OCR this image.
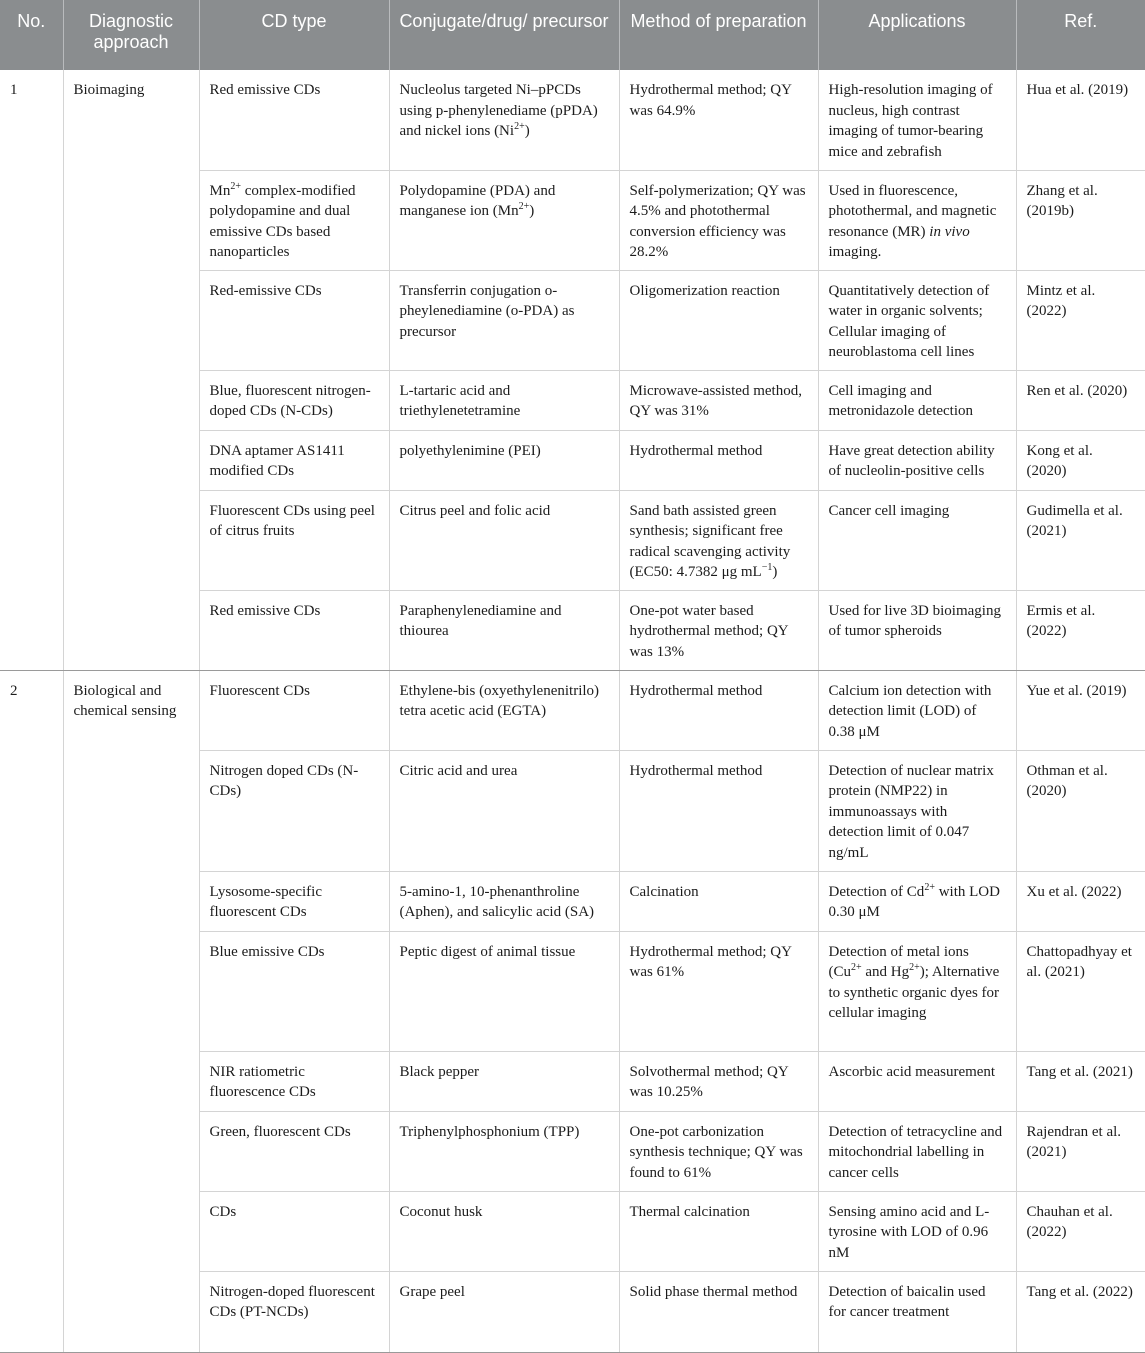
No.	Diagnostic approach	CD type	Conjugate/drug/ precursor	Method of preparation	Applications	Ref.
1	Bioimaging	Red emissive CDs	Nucleolus targeted Ni–pPCDs using p-phenylenediame (pPDA) and nickel ions $(Ni^{2+})$	Hydrothermal method; QY was 64.9%	High-resolution imaging of nucleus, high contrast imaging of tumor-bearing mice and zebrafish	Hua et al. (2019)
		$Mn^{2+}$ complex-modified polydopamine and dual emissive CDs based nanoparticles	Polydopamine (PDA) and manganese ion $(Mn^{2+})$	Self-polymerization; QY was 4.5% and photothermal conversion efficiency was 28.2%	Used in fluorescence, photothermal, and magnetic resonance (MR) in vivo imaging.	Zhang et al. (2019b)
		Red-emissive CDs	Transferrin conjugation o-pheylenediamine (o-PDA) as precursor	Oligomerization reaction	Quantitatively detection of water in organic solvents; Cellular imaging of neuroblastoma cell lines	Mintz et al. (2022)
		Blue, fluorescent nitrogen-doped CDs (N-CDs)	L-tartaric acid and triethylenetetramine	Microwave-assisted method, QY was 31%	Cell imaging and metronidazole detection	Ren et al. (2020)
		DNA aptamer AS1411 modified CDs	polyethylenimine (PEI)	Hydrothermal method	Have great detection ability of nucleolin-positive cells	Kong et al. (2020)
		Fluorescent CDs using peel of citrus fruits	Citrus peel and folic acid	Sand bath assisted green synthesis; significant free radical scavenging activity (EC50: 4.7382 μg $mL^{-1}$)	Cancer cell imaging	Gudimella et al. (2021)
		Red emissive CDs	Paraphenylenediamine and thiourea	One-pot water based hydrothermal method; QY was 13%	Used for live 3D bioimaging of tumor spheroids	Ermis et al. (2022)
2	Biological and chemical sensing	Fluorescent CDs	Ethylene-bis (oxyethylenenitrilo) tetra acetic acid (EGTA)	Hydrothermal method	Calcium ion detection with detection limit (LOD) of 0.38 μM	Yue et al. (2019)
		Nitrogen doped CDs (N-CDs)	Citric acid and urea	Hydrothermal method	Detection of nuclear matrix protein (NMP22) in immunoassays with detection limit of 0.047 ng/mL	Othman et al. (2020)
		Lysosome-specific fluorescent CDs	5-amino-1, 10-phenanthroline (Aphen), and salicylic acid (SA)	Calcination	Detection of $Cd^{2+}$ with LOD 0.30 μM	Xu et al. (2022)
		Blue emissive CDs	Peptic digest of animal tissue	Hydrothermal method; QY was 61%	Detection of metal ions ($Cu^{2+}$ and $Hg^{2+}$); Alternative to synthetic organic dyes for cellular imaging	Chattopadhyay et al. (2021)
		NIR ratiometric fluorescence CDs	Black pepper	Solvothermal method; QY was 10.25%	Ascorbic acid measurement	Tang et al. (2021)
		Green, fluorescent CDs	Triphenylphosphonium (TPP)	One-pot carbonization synthesis technique; QY was found to 61%	Detection of tetracycline and mitochondrial labelling in cancer cells	Rajendran et al. (2021)
		CDs	Coconut husk	Thermal calcination	Sensing amino acid and L-tyrosine with LOD of 0.96 nM	Chauhan et al. (2022)
		Nitrogen-doped fluorescent CDs (PT-NCDs)	Grape peel	Solid phase thermal method	Detection of baicalin used for cancer treatment	Tang et al. (2022)
